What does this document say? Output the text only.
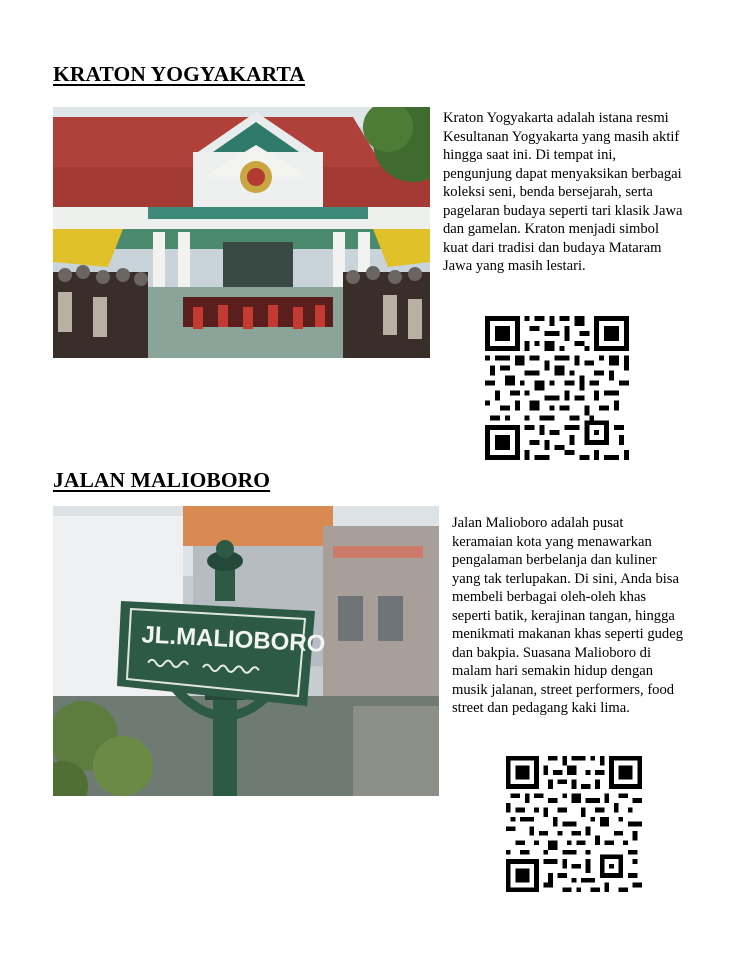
KRATON YOGYAKARTA

Kraton Yogyakarta adalah istana resmi Kesultanan Yogyakarta yang masih aktif hingga saat ini. Di tempat ini, pengunjung dapat menyaksikan berbagai koleksi seni, benda bersejarah, serta pagelaran budaya seperti tari klasik Jawa dan gamelan. Kraton menjadi simbol kuat dari tradisi dan budaya Mataram Jawa yang masih lestari.

JALAN MALIOBORO
JL.MALIOBORO

Jalan Malioboro adalah pusat keramaian kota yang menawarkan pengalaman berbelanja dan kuliner yang tak terlupakan. Di sini, Anda bisa membeli berbagai oleh-oleh khas seperti batik, kerajinan tangan, hingga menikmati makanan khas seperti gudeg dan bakpia. Suasana Malioboro di malam hari semakin hidup dengan musik jalanan, street performers, food street dan pedagang kaki lima.
